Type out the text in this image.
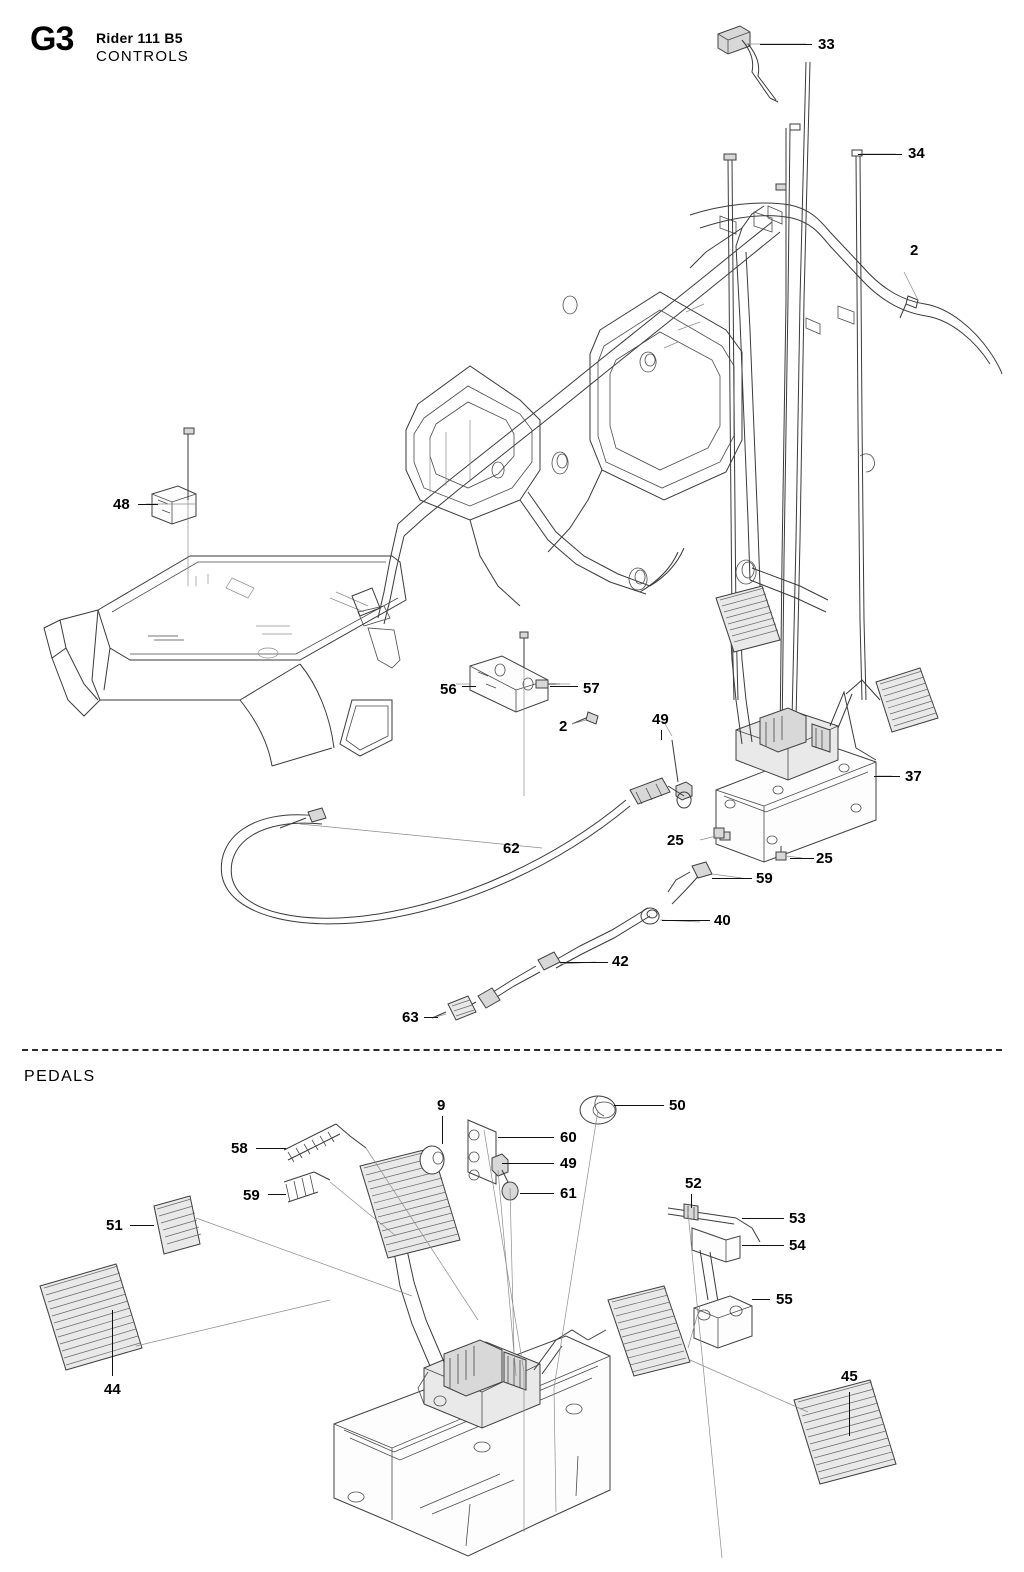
G3 Rider 111 B5
CONTROLS
33
34
2
48
56	57
2	49
37
25
25
62
59
40
42
63
PEDALS
9	50
60
58
49
61
59
52
53
54
51
55
44
45
